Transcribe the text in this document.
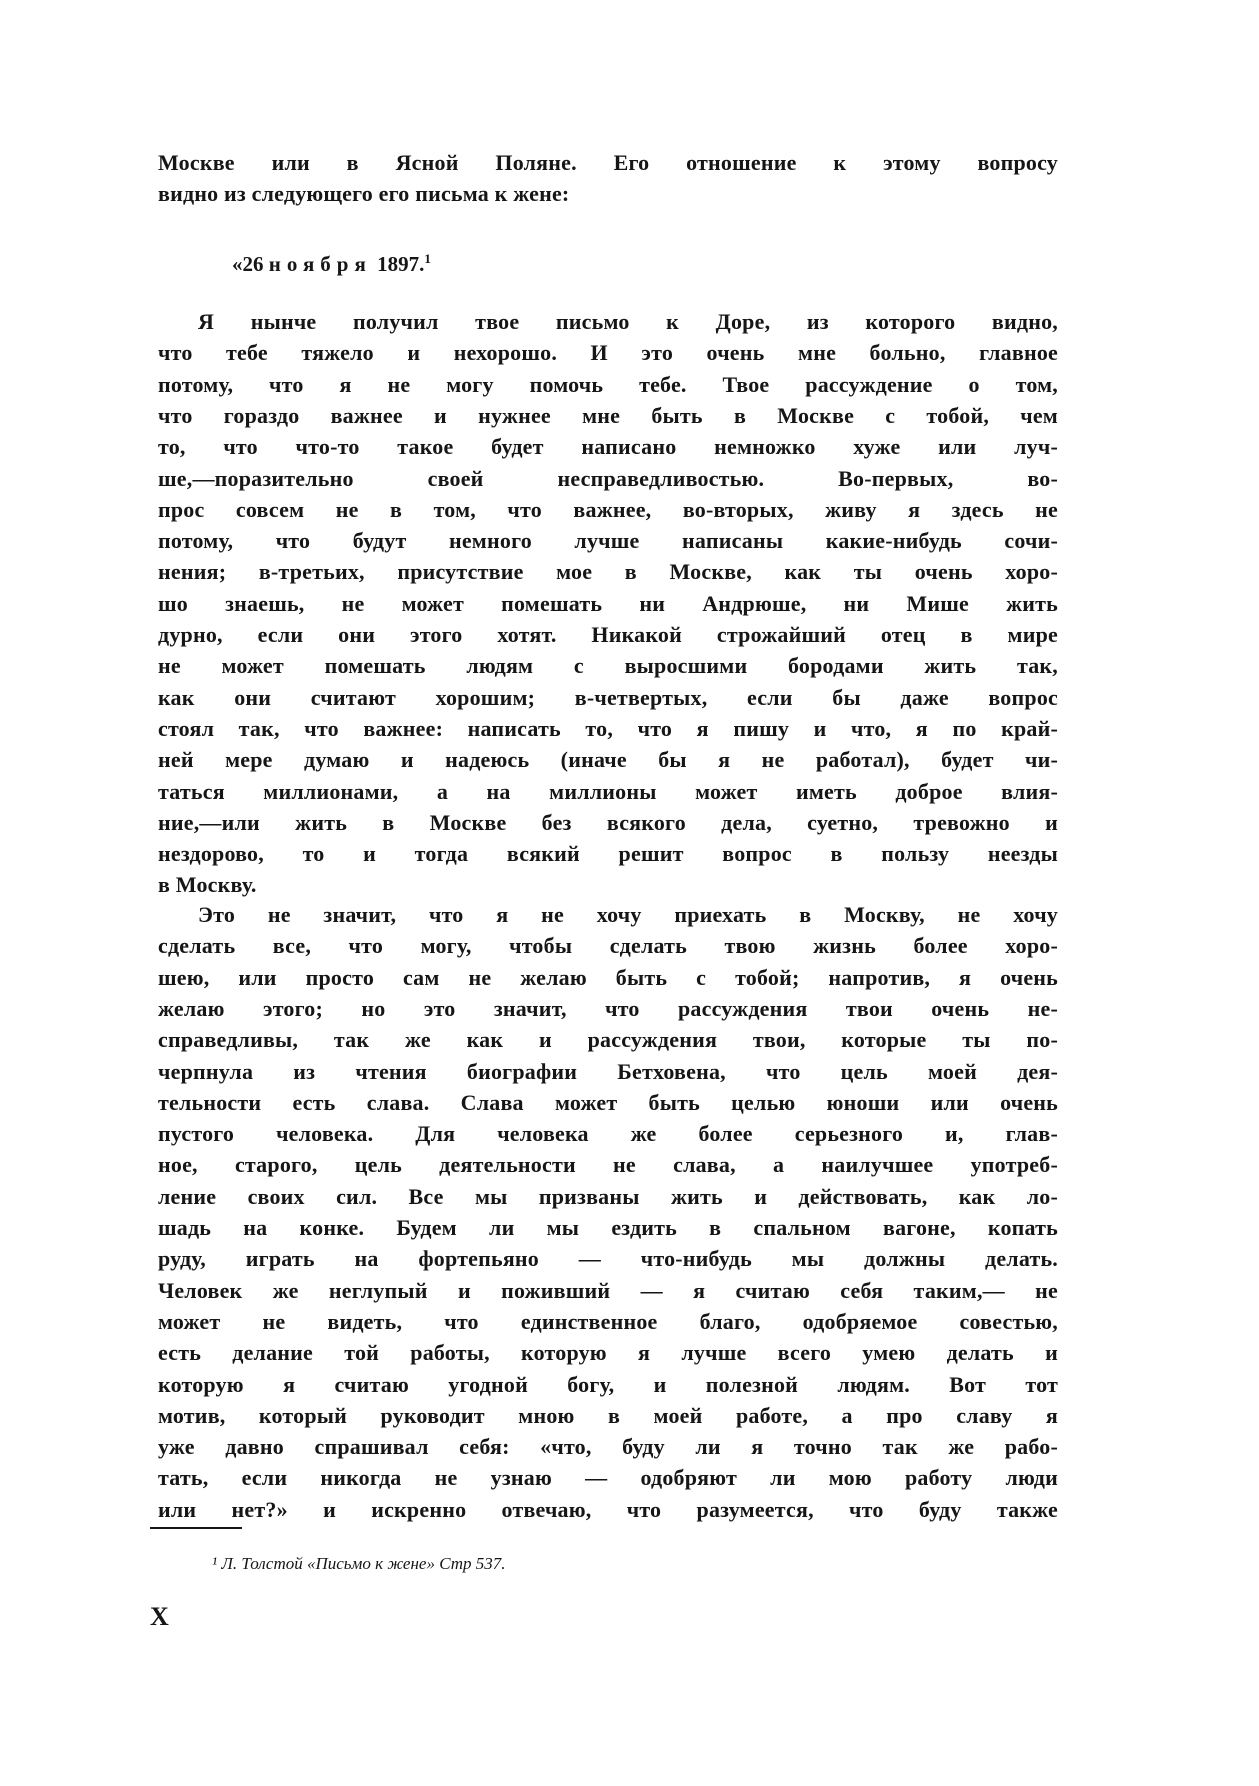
Москве или в Ясной Поляне. Его отношение к этому вопросу
видно из следующего его письма к жене:
«26 ноября 1897.$^1$
Я нынче получил твое письмо к Доре, из которого видно,
что тебе тяжело и нехорошо. И это очень мне больно, главное
потому, что я не могу помочь тебе. Твое рассуждение о том,
что гораздо важнее и нужнее мне быть в Москве с тобой, чем
то, что что-то такое будет написано немножко хуже или луч-
ше,—поразительно своей несправедливостью. Во-первых, во-
прос совсем не в том, что важнее, во-вторых, живу я здесь не
потому, что будут немного лучше написаны какие-нибудь сочи-
нения; в-третьих, присутствие мое в Москве, как ты очень хоро-
шо знаешь, не может помешать ни Андрюше, ни Мише жить
дурно, если они этого хотят. Никакой строжайший отец в мире
не может помешать людям с выросшими бородами жить так,
как они считают хорошим; в-четвертых, если бы даже вопрос
стоял так, что важнее: написать то, что я пишу и что, я по край-
ней мере думаю и надеюсь (иначе бы я не работал), будет чи-
таться миллионами, а на миллионы может иметь доброе влия-
ние,—или жить в Москве без всякого дела, суетно, тревожно и
нездорово, то и тогда всякий решит вопрос в пользу неезды
в Москву.
Это не значит, что я не хочу приехать в Москву, не хочу
сделать все, что могу, чтобы сделать твою жизнь более хоро-
шею, или просто сам не желаю быть с тобой; напротив, я очень
желаю этого; но это значит, что рассуждения твои очень не-
справедливы, так же как и рассуждения твои, которые ты по-
черпнула из чтения биографии Бетховена, что цель моей дея-
тельности есть слава. Слава может быть целью юноши или очень
пустого человека. Для человека же более серьезного и, глав-
ное, старого, цель деятельности не слава, а наилучшее употреб-
ление своих сил. Все мы призваны жить и действовать, как ло-
шадь на конке. Будем ли мы ездить в спальном вагоне, копать
руду, играть на фортепьяно — что-нибудь мы должны делать.
Человек же неглупый и поживший — я считаю себя таким,— не
может не видеть, что единственное благо, одобряемое совестью,
есть делание той работы, которую я лучше всего умею делать и
которую я считаю угодной богу, и полезной людям. Вот тот
мотив, который руководит мною в моей работе, а про славу я
уже давно спрашивал себя: «что, буду ли я точно так же рабо-
тать, если никогда не узнаю — одобряют ли мою работу люди
или нет?» и искренно отвечаю, что разумеется, что буду также
¹ Л. Толстой «Письмо к жене» Стр 537.
Х
